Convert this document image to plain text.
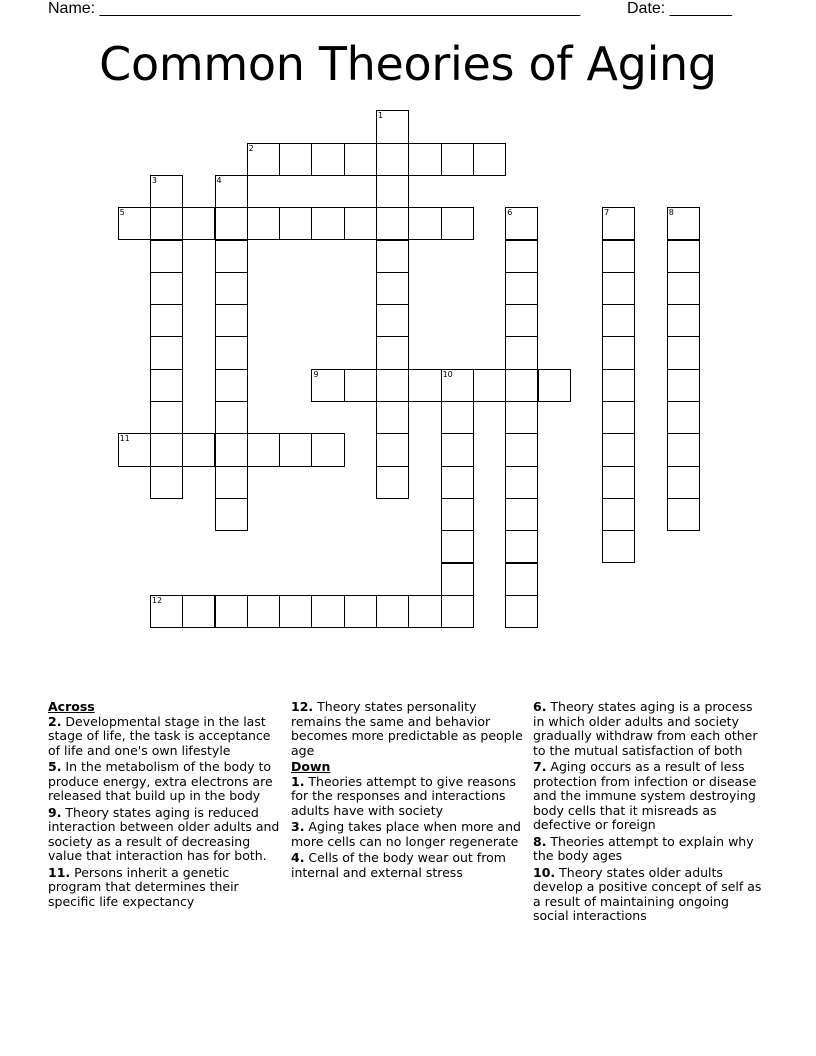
Name: ______________________________________________________	Date: _______
Common Theories of Aging
1
2
3	4
5	6	7	8
9	10
11
12
Across
2. Developmental stage in the last stage of life, the task is acceptance of life and one's own lifestyle
5. In the metabolism of the body to produce energy, extra electrons are released that build up in the body
9. Theory states aging is reduced interaction between older adults and society as a result of decreasing value that interaction has for both.
11. Persons inherit a genetic program that determines their specific life expectancy
12. Theory states personality remains the same and behavior becomes more predictable as people age
Down
1. Theories attempt to give reasons for the responses and interactions adults have with society
3. Aging takes place when more and more cells can no longer regenerate
4. Cells of the body wear out from internal and external stress
6. Theory states aging is a process in which older adults and society gradually withdraw from each other to the mutual satisfaction of both
7. Aging occurs as a result of less protection from infection or disease and the immune system destroying body cells that it misreads as defective or foreign
8. Theories attempt to explain why the body ages
10. Theory states older adults develop a positive concept of self as a result of maintaining ongoing social interactions
